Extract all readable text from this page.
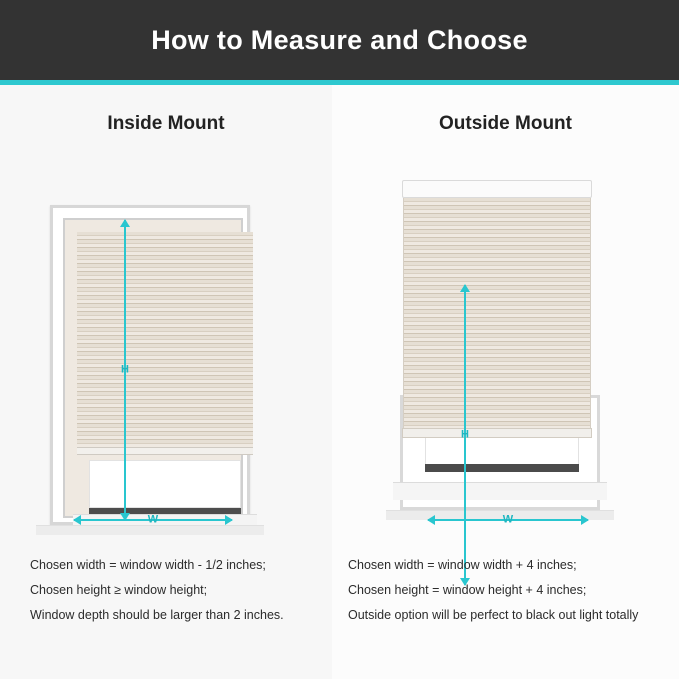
How to Measure and Choose
Inside Mount
H
W

Chosen width = window width - 1/2 inches;

Chosen height ≥ window height;

Window depth should be larger than 2 inches.

Outside Mount
H
W

Chosen width = window width + 4 inches;

Chosen height = window height + 4 inches;

Outside option will be perfect to black out light totally
